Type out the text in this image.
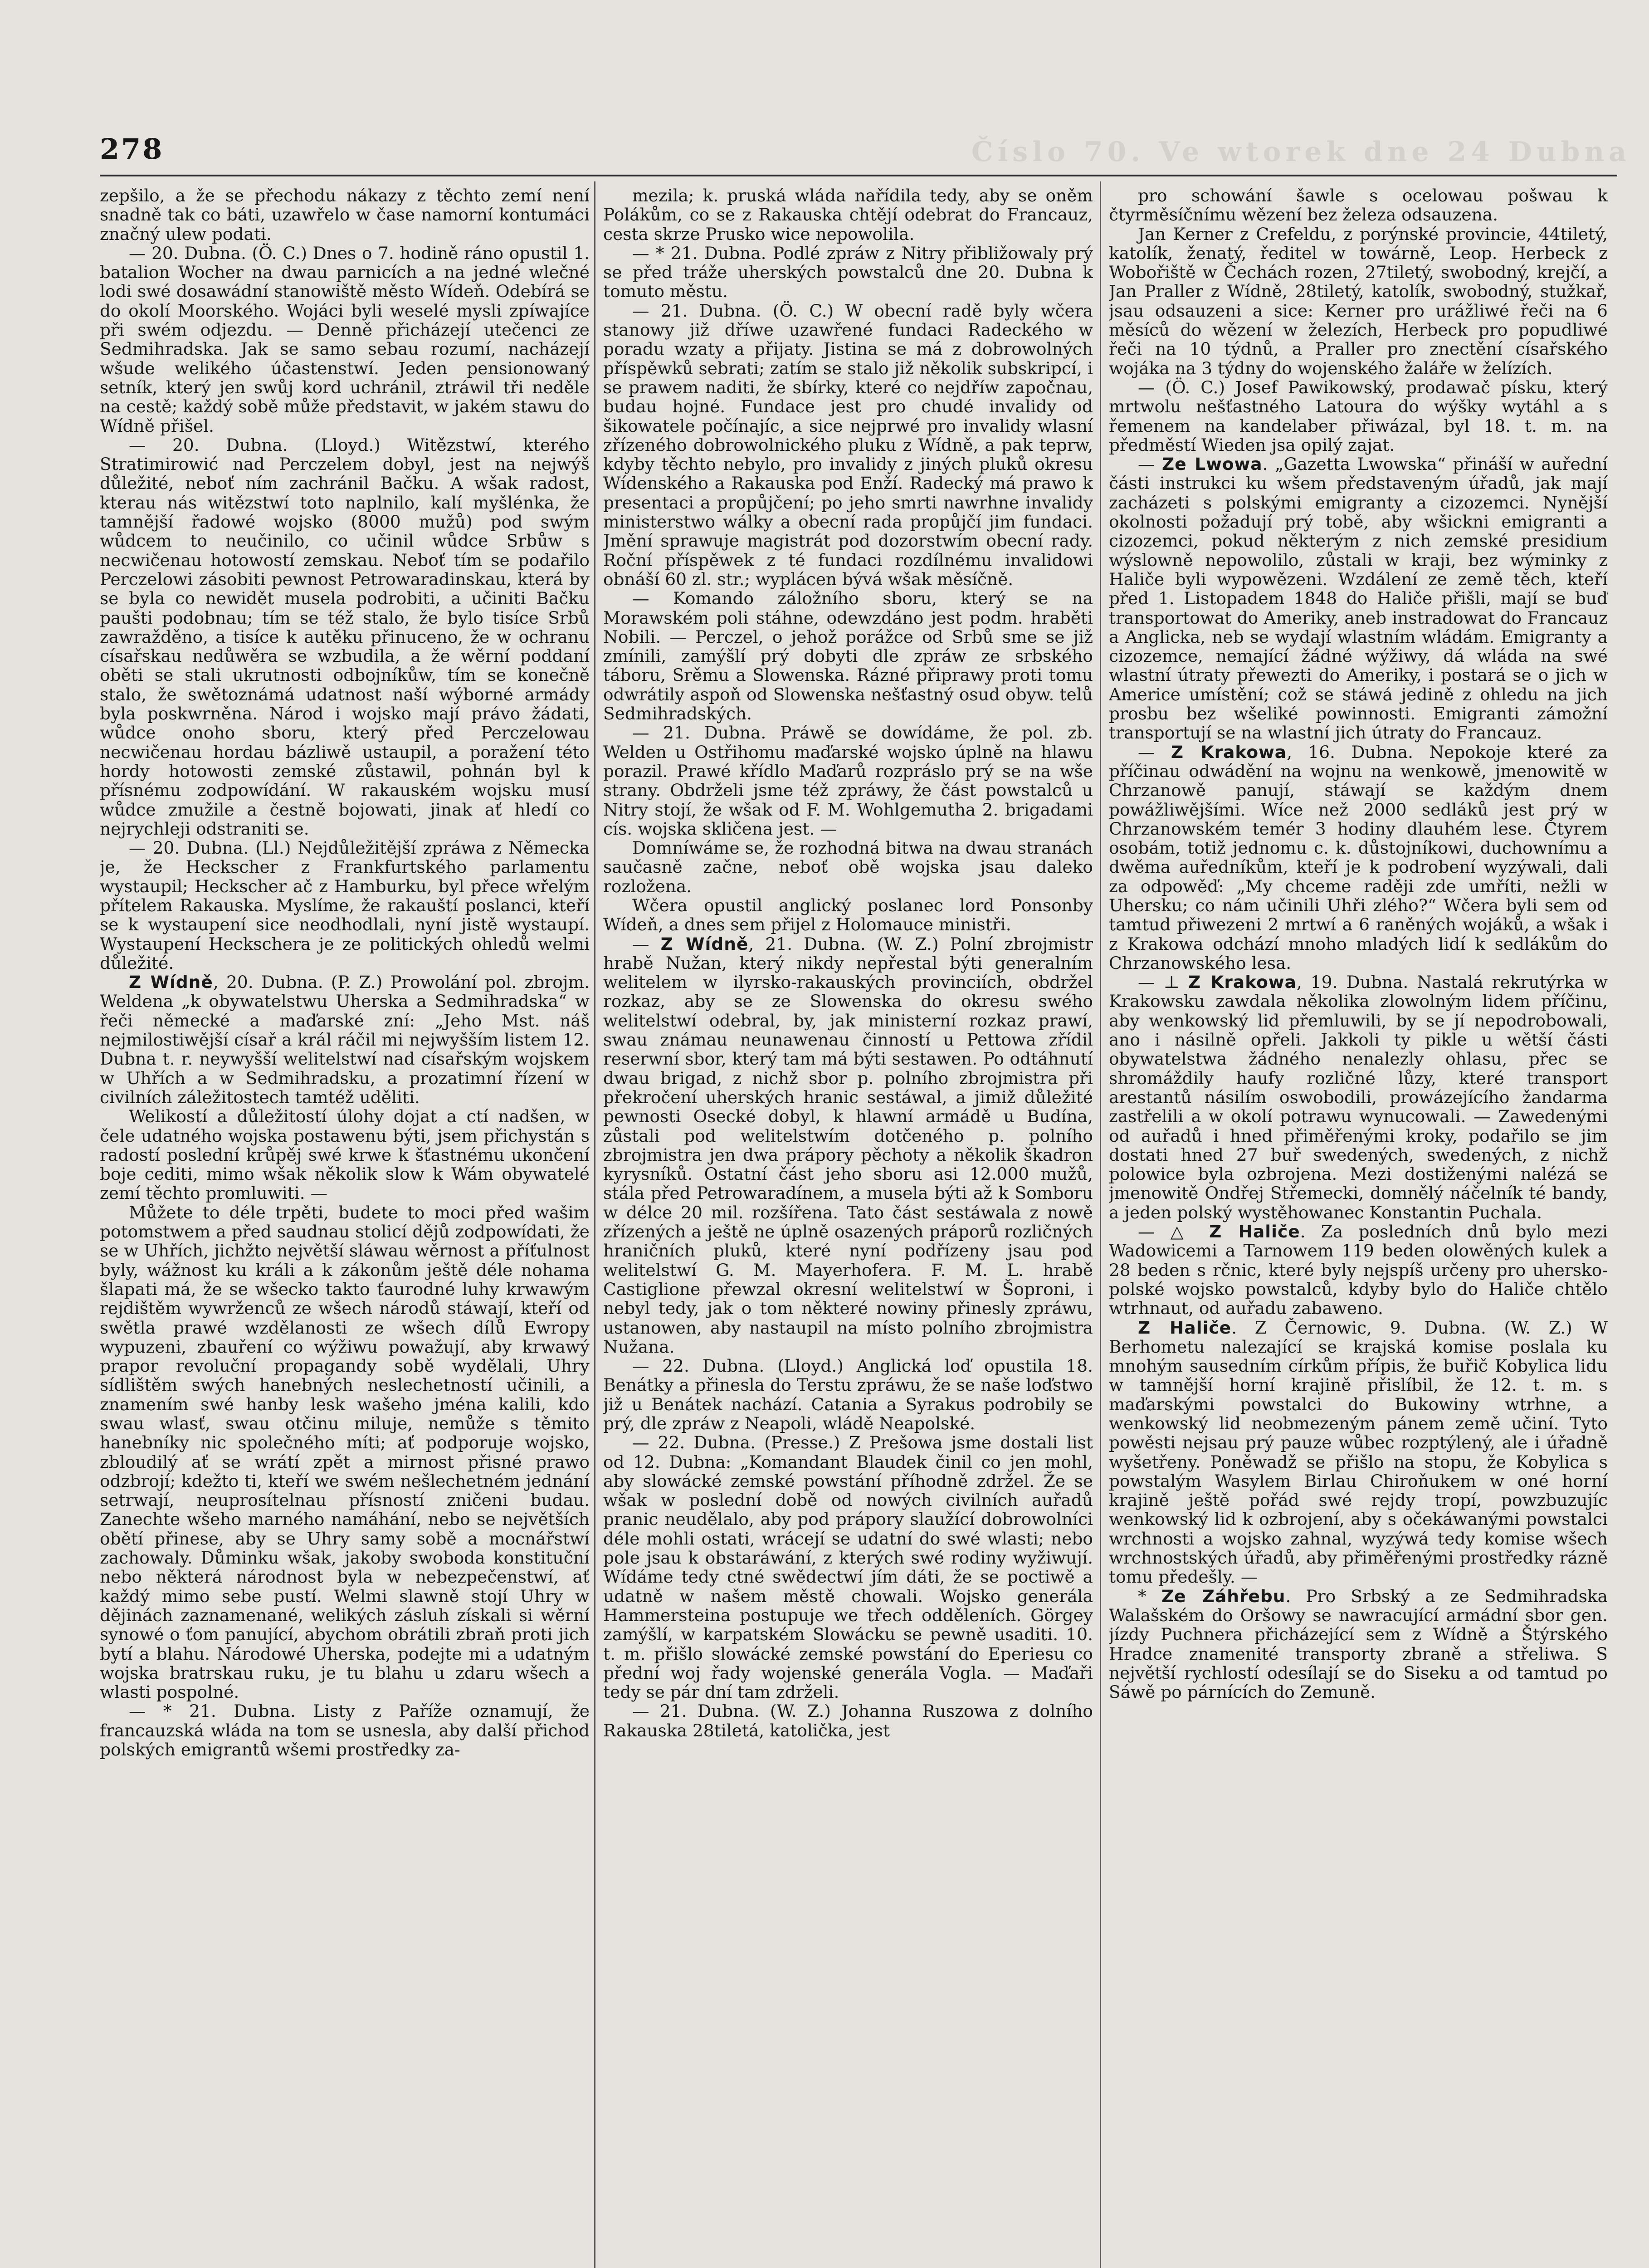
278	Číslo 70. Ve wtorek dne 24 Dubna

zepšilo, a že se přechodu nákazy z těchto zemí není snadně tak co báti, uzawřelo w čase namorní kontumáci značný ulew podati.

— 20. Dubna. (Ö. C.) Dnes o 7. hodině ráno opustil 1. batalion Wocher na dwau parnicích a na jedné wlečné lodi swé dosawádní stanowiště město Wídeň. Odebírá se do okolí Moorského. Wojáci byli weselé mysli zpíwajíce při swém odjezdu. — Denně přicházejí utečenci ze Sedmihradska. Jak se samo sebau rozumí, nacházejí wšude welikého účastenstwí. Jeden pensionowaný setník, který jen swůj kord uchránil, ztráwil tři neděle na cestě; každý sobě může představit, w jakém stawu do Wídně přišel.

— 20. Dubna. (Lloyd.) Witězstwí, kterého Stratimirowić nad Perczelem dobyl, jest na nejwýš důležité, neboť ním zachránil Bačku. A wšak radost, kterau nás witězstwí toto naplnilo, kalí myšlénka, že tamnější řadowé wojsko (8000 mužů) pod swým wůdcem to neučinilo, co učinil wůdce Srbůw s necwičenau hotowostí zemskau. Neboť tím se podařilo Perczelowi zásobiti pewnost Petrowaradinskau, která by se byla co newidět musela podrobiti, a učiniti Bačku paušti podobnau; tím se též stalo, že bylo tisíce Srbů zawražděno, a tisíce k autěku přinuceno, že w ochranu císařskau nedůwěra se wzbudila, a že wěrní poddaní oběti se stali ukrutnosti odbojníkůw, tím se konečně stalo, že swětoznámá udatnost naší wýborné armády byla poskwrněna. Národ i wojsko mají právo žádati, wůdce onoho sboru, který před Perczelowau necwičenau hordau bázliwě ustaupil, a poražení této hordy hotowosti zemské zůstawil, pohnán byl k přísnému zodpowídání. W rakauském wojsku musí wůdce zmužile a čestně bojowati, jinak ať hledí co nejrychleji odstraniti se.

— 20. Dubna. (Ll.) Nejdůležitější zpráwa z Německa je, že Heckscher z Frankfurtského parlamentu wystaupil; Heckscher ač z Hamburku, byl přece wřelým přítelem Rakauska. Myslíme, že rakauští poslanci, kteří se k wystaupení sice neodhodlali, nyní jistě wystaupí. Wystaupení Heckschera je ze politických ohledů welmi důležité.

Z Wídně, 20. Dubna. (P. Z.) Prowolání pol. zbrojm. Weldena „k obywatelstwu Uherska a Sedmihradska“ w řeči německé a maďarské zní: „Jeho Mst. náš nejmilostiwější císař a král ráčil mi nejwyšším listem 12. Dubna t. r. neywyšší welitelstwí nad císařským wojskem w Uhřích a w Sedmihradsku, a prozatimní řízení w civilních záležitostech tamtéž uděliti.

Welikostí a důležitostí úlohy dojat a ctí nadšen, w čele udatného wojska postawenu býti, jsem přichystán s radostí poslední krůpěj swé krwe k šťastnému ukončení boje cediti, mimo wšak několik slow k Wám obywatelé zemí těchto promluwiti. —

Můžete to déle trpěti, budete to moci před wašim potomstwem a před saudnau stolicí dějů zodpowídati, že se w Uhřích, jichžto největší sláwau wěrnost a příťulnost byly, wážnost ku králi a k zákonům ještě déle nohama šlapati má, že se wšecko takto ťaurodné luhy krwawým rejdištěm wywrženců ze wšech národů stáwají, kteří od swětla prawé wzdělanosti ze wšech dílů Ewropy wypuzeni, zbauření co wýžiwu powažují, aby krwawý prapor revoluční propagandy sobě wydělali, Uhry sídlištěm swých hanebných neslechetností učinili, a znamením swé hanby lesk wašeho jména kalili, kdo swau wlasť, swau otčinu miluje, nemůže s těmito hanebníky nic společného míti; ať podporuje wojsko, zbloudilý ať se wrátí zpět a mirnost přisné prawo odzbrojí; kdežto ti, kteří we swém nešlechetném jednání setrwají, neuprosítelnau přísností zničeni budau. Zanechte wšeho marného namáhání, nebo se největších obětí přinese, aby se Uhry samy sobě a mocnářstwí zachowaly. Důminku wšak, jakoby swoboda konstituční nebo některá národnost byla w nebezpečenstwí, ať každý mimo sebe pustí. Welmi slawně stojí Uhry w dějinách zaznamenané, welikých zásluh získali si wěrní synowé o ťom panující, abychom obrátili zbraň proti jich bytí a blahu. Národowé Uherska, podejte mi a udatným wojska bratrskau ruku, je tu blahu u zdaru wšech a wlasti pospolné.

— * 21. Dubna. Listy z Paříže oznamují, že francauzská wláda na tom se usnesla, aby další přichod polských emigrantů wšemi prostředky za-

mezila; k. pruská wláda nařídila tedy, aby se oněm Polákům, co se z Rakauska chtějí odebrat do Francauz, cesta skrze Prusko wice nepowolila.

— * 21. Dubna. Podlé zpráw z Nitry přibližowaly prý se před tráže uherských powstalců dne 20. Dubna k tomuto městu.

— 21. Dubna. (Ö. C.) W obecní radě byly wčera stanowy již dříwe uzawřené fundaci Radeckého w poradu wzaty a přijaty. Jistina se má z dobrowolných příspěwků sebrati; zatím se stalo již několik subskripcí, i se prawem naditi, že sbírky, které co nejdříw započnau, budau hojné. Fundace jest pro chudé invalidy od šikowatele počínajíc, a sice nejprwé pro invalidy wlasní zřízeného dobrowolnického pluku z Wídně, a pak teprw, kdyby těchto nebylo, pro invalidy z jiných pluků okresu Wídenského a Rakauska pod Enží. Radecký má prawo k presentaci a propůjčení; po jeho smrti nawrhne invalidy ministerstwo wálky a obecní rada propůjčí jim fundaci. Jmění sprawuje magistrát pod dozorstwím obecní rady. Roční příspěwek z té fundaci rozdílnému invalidowi obnáší 60 zl. str.; wyplácen bývá wšak měsíčně.

— Komando záložního sboru, který se na Morawském poli stáhne, odewzdáno jest podm. hraběti Nobili. — Perczel, o jehož porážce od Srbů sme se již zmínili, zamýšlí prý dobyti dle zpráw ze srbského táboru, Srěmu a Slowenska. Rázné připrawy proti tomu odwrátily aspoň od Slowenska nešťastný osud obyw. telů Sedmihradských.

— 21. Dubna. Práwě se dowídáme, že pol. zb. Welden u Ostřihomu maďarské wojsko úplně na hlawu porazil. Prawé křídlo Maďarů rozpráslo prý se na wše strany. Obdrželi jsme též zpráwy, že část powstalců u Nitry stojí, že wšak od F. M. Wohlgemutha 2. brigadami cís. wojska skličena jest. —

Domníwáme se, že rozhodná bitwa na dwau stranách saučasně začne, neboť obě wojska jsau daleko rozložena.

Wčera opustil anglický poslanec lord Ponsonby Wídeň, a dnes sem přijel z Holomauce ministři.

— Z Wídně, 21. Dubna. (W. Z.) Polní zbrojmistr hrabě Nužan, který nikdy nepřestal býti generalním welitelem w ilyrsko-rakauských provinciích, obdržel rozkaz, aby se ze Slowenska do okresu swého welitelstwí odebral, by, jak ministerní rozkaz prawí, swau známau neunawenau činností u Pettowa zřídil reserwní sbor, který tam má býti sestawen. Po odtáhnutí dwau brigad, z nichž sbor p. polního zbrojmistra při překročení uherských hranic sestáwal, a jimiž důležité pewnosti Osecké dobyl, k hlawní armádě u Budína, zůstali pod welitelstwím dotčeného p. polního zbrojmistra jen dwa prápory pěchoty a několik škadron kyrysníků. Ostatní část jeho sboru asi 12.000 mužů, stála před Petrowaradínem, a musela býti až k Somboru w délce 20 mil. rozšířena. Tato část sestáwala z nowě zřízených a ještě ne úplně osazených práporů rozličných hraničních pluků, které nyní podřízeny jsau pod welitelstwí G. M. Mayerhofera. F. M. L. hrabě Castiglione přewzal okresní welitelstwí w Šoproni, i nebyl tedy, jak o tom některé nowiny přinesly zpráwu, ustanowen, aby nastaupil na místo polního zbrojmistra Nužana.

— 22. Dubna. (Lloyd.) Anglická loď opustila 18. Benátky a přinesla do Terstu zpráwu, že se naše loďstwo již u Benátek nachází. Catania a Syrakus podrobily se prý, dle zpráw z Neapoli, wládě Neapolské.

— 22. Dubna. (Presse.) Z Prešowa jsme dostali list od 12. Dubna: „Komandant Blaudek činil co jen mohl, aby slowácké zemské powstání příhodně zdržel. Že se wšak w poslední době od nowých civilních auřadů pranic neudělalo, aby pod prápory slaužící dobrowolníci déle mohli ostati, wrácejí se udatní do swé wlasti; nebo pole jsau k obstaráwání, z kterých swé rodiny wyžiwují. Wídáme tedy ctné swědectwí jím dáti, že se poctiwě a udatně w našem městě chowali. Wojsko generála Hammersteina postupuje we třech odděleních. Görgey zamýšlí, w karpatském Slowácku se pewně usaditi. 10. t. m. přišlo slowácké zemské powstání do Eperiesu co přední woj řady wojenské generála Vogla. — Maďaři tedy se pár dní tam zdrželi.

— 21. Dubna. (W. Z.) Johanna Ruszowa z dolního Rakauska 28tiletá, katolička, jest

pro schowání šawle s ocelowau pošwau k čtyrměsíčnímu wězení bez železa odsauzena.

Jan Kerner z Crefeldu, z porýnské provincie, 44tiletý, katolík, ženatý, ředitel w towárně, Leop. Herbeck z Wobořiště w Čechách rozen, 27tiletý, swobodný, krejčí, a Jan Praller z Wídně, 28tiletý, katolík, swobodný, stužkař, jsau odsauzeni a sice: Kerner pro urážliwé řeči na 6 měsíců do wězení w železích, Herbeck pro popudliwé řeči na 10 týdnů, a Praller pro znectění císařského wojáka na 3 týdny do wojenského žaláře w želízích.

— (Ö. C.) Josef Pawikowský, prodawač písku, který mrtwolu nešťastného Latoura do wýšky wytáhl a s řemenem na kandelaber přiwázal, byl 18. t. m. na předměstí Wieden jsa opilý zajat.

— Ze Lwowa. „Gazetta Lwowska“ přináší w auřední části instrukci ku wšem představeným úřadů, jak mají zacházeti s polskými emigranty a cizozemci. Nynější okolnosti požadují prý tobě, aby wšickni emigranti a cizozemci, pokud některým z nich zemské presidium wýslowně nepowolilo, zůstali w kraji, bez wýminky z Haliče byli wypowězeni. Wzdálení ze země těch, kteří před 1. Listopadem 1848 do Haliče přišli, mají se buď transportowat do Ameriky, aneb instradowat do Francauz a Anglicka, neb se wydají wlastním wládám. Emigranty a cizozemce, nemající žádné wýžiwy, dá wláda na swé wlastní útraty přewezti do Ameriky, i postará se o jich w Americe umístění; což se stáwá jedině z ohledu na jich prosbu bez wšeliké powinnosti. Emigranti zámožní transportují se na wlastní jich útraty do Francauz.

— Z Krakowa, 16. Dubna. Nepokoje které za příčinau odwádění na wojnu na wenkowě, jmenowitě w Chrzanowě panují, stáwají se každým dnem powážliwějšími. Wíce než 2000 sedláků jest prý w Chrzanowském temér 3 hodiny dlauhém lese. Čtyrem osobám, totiž jednomu c. k. důstojníkowi, duchownímu a dwěma auředníkům, kteří je k podrobení wyzýwali, dali za odpowěď: „My chceme raději zde umříti, nežli w Uhersku; co nám učinili Uhři zlého?“ Wčera byli sem od tamtud přiwezeni 2 mrtwí a 6 raněných wojáků, a wšak i z Krakowa odchází mnoho mladých lidí k sedlákům do Chrzanowského lesa.

— ⊥ Z Krakowa, 19. Dubna. Nastalá rekrutýrka w Krakowsku zawdala několika zlowolným lidem příčinu, aby wenkowský lid přemluwili, by se jí nepodrobowali, ano i násilně opřeli. Jakkoli ty pikle u wětší části obywatelstwa žádného nenalezly ohlasu, přec se shromáždily haufy rozličné lůzy, které transport arestantů násilím oswobodili, prowázejícího žandarma zastřelili a w okolí potrawu wynucowali. — Zawedenými od auřadů i hned přiměřenými kroky, podařilo se jim dostati hned 27 buř swedených, swedených, z nichž polowice byla ozbrojena. Mezi dostiženými nalézá se jmenowitě Ondřej Střemecki, domnělý náčelník té bandy, a jeden polský wystěhowanec Konstantin Puchala.

— △ Z Haliče. Za posledních dnů bylo mezi Wadowicemi a Tarnowem 119 beden olowěných kulek a 28 beden s rčnic, které byly nejspíš určeny pro uhersko-polské wojsko powstalců, kdyby bylo do Haliče chtělo wtrhnaut, od auřadu zabaweno.

Z Haliče. Z Černowic, 9. Dubna. (W. Z.) W Berhometu nalezající se krajská komise poslala ku mnohým sausedním církům přípis, že buřič Kobylica lidu w tamnější horní krajině přislíbil, že 12. t. m. s maďarskými powstalci do Bukowiny wtrhne, a wenkowský lid neobmezeným pánem země učiní. Tyto powěsti nejsau prý pauze wůbec rozptýlený, ale i úřadně wyšetřeny. Poněwadž se přišlo na stopu, že Kobylica s powstalým Wasylem Birlau Chiroňukem w oné horní krajině ještě pořád swé rejdy tropí, powzbuzujíc wenkowský lid k ozbrojení, aby s očekáwanými powstalci wrchnosti a wojsko zahnal, wyzýwá tedy komise wšech wrchnostských úřadů, aby přiměřenými prostředky rázně tomu předešly. —

* Ze Záhřebu. Pro Srbský a ze Sedmihradska Walašském do Oršowy se nawracující armádní sbor gen. jízdy Puchnera přicházející sem z Wídně a Štýrského Hradce znamenité transporty zbraně a střeliwa. S největší rychlostí odesílají se do Siseku a od tamtud po Sáwě po párnících do Zemuně.
